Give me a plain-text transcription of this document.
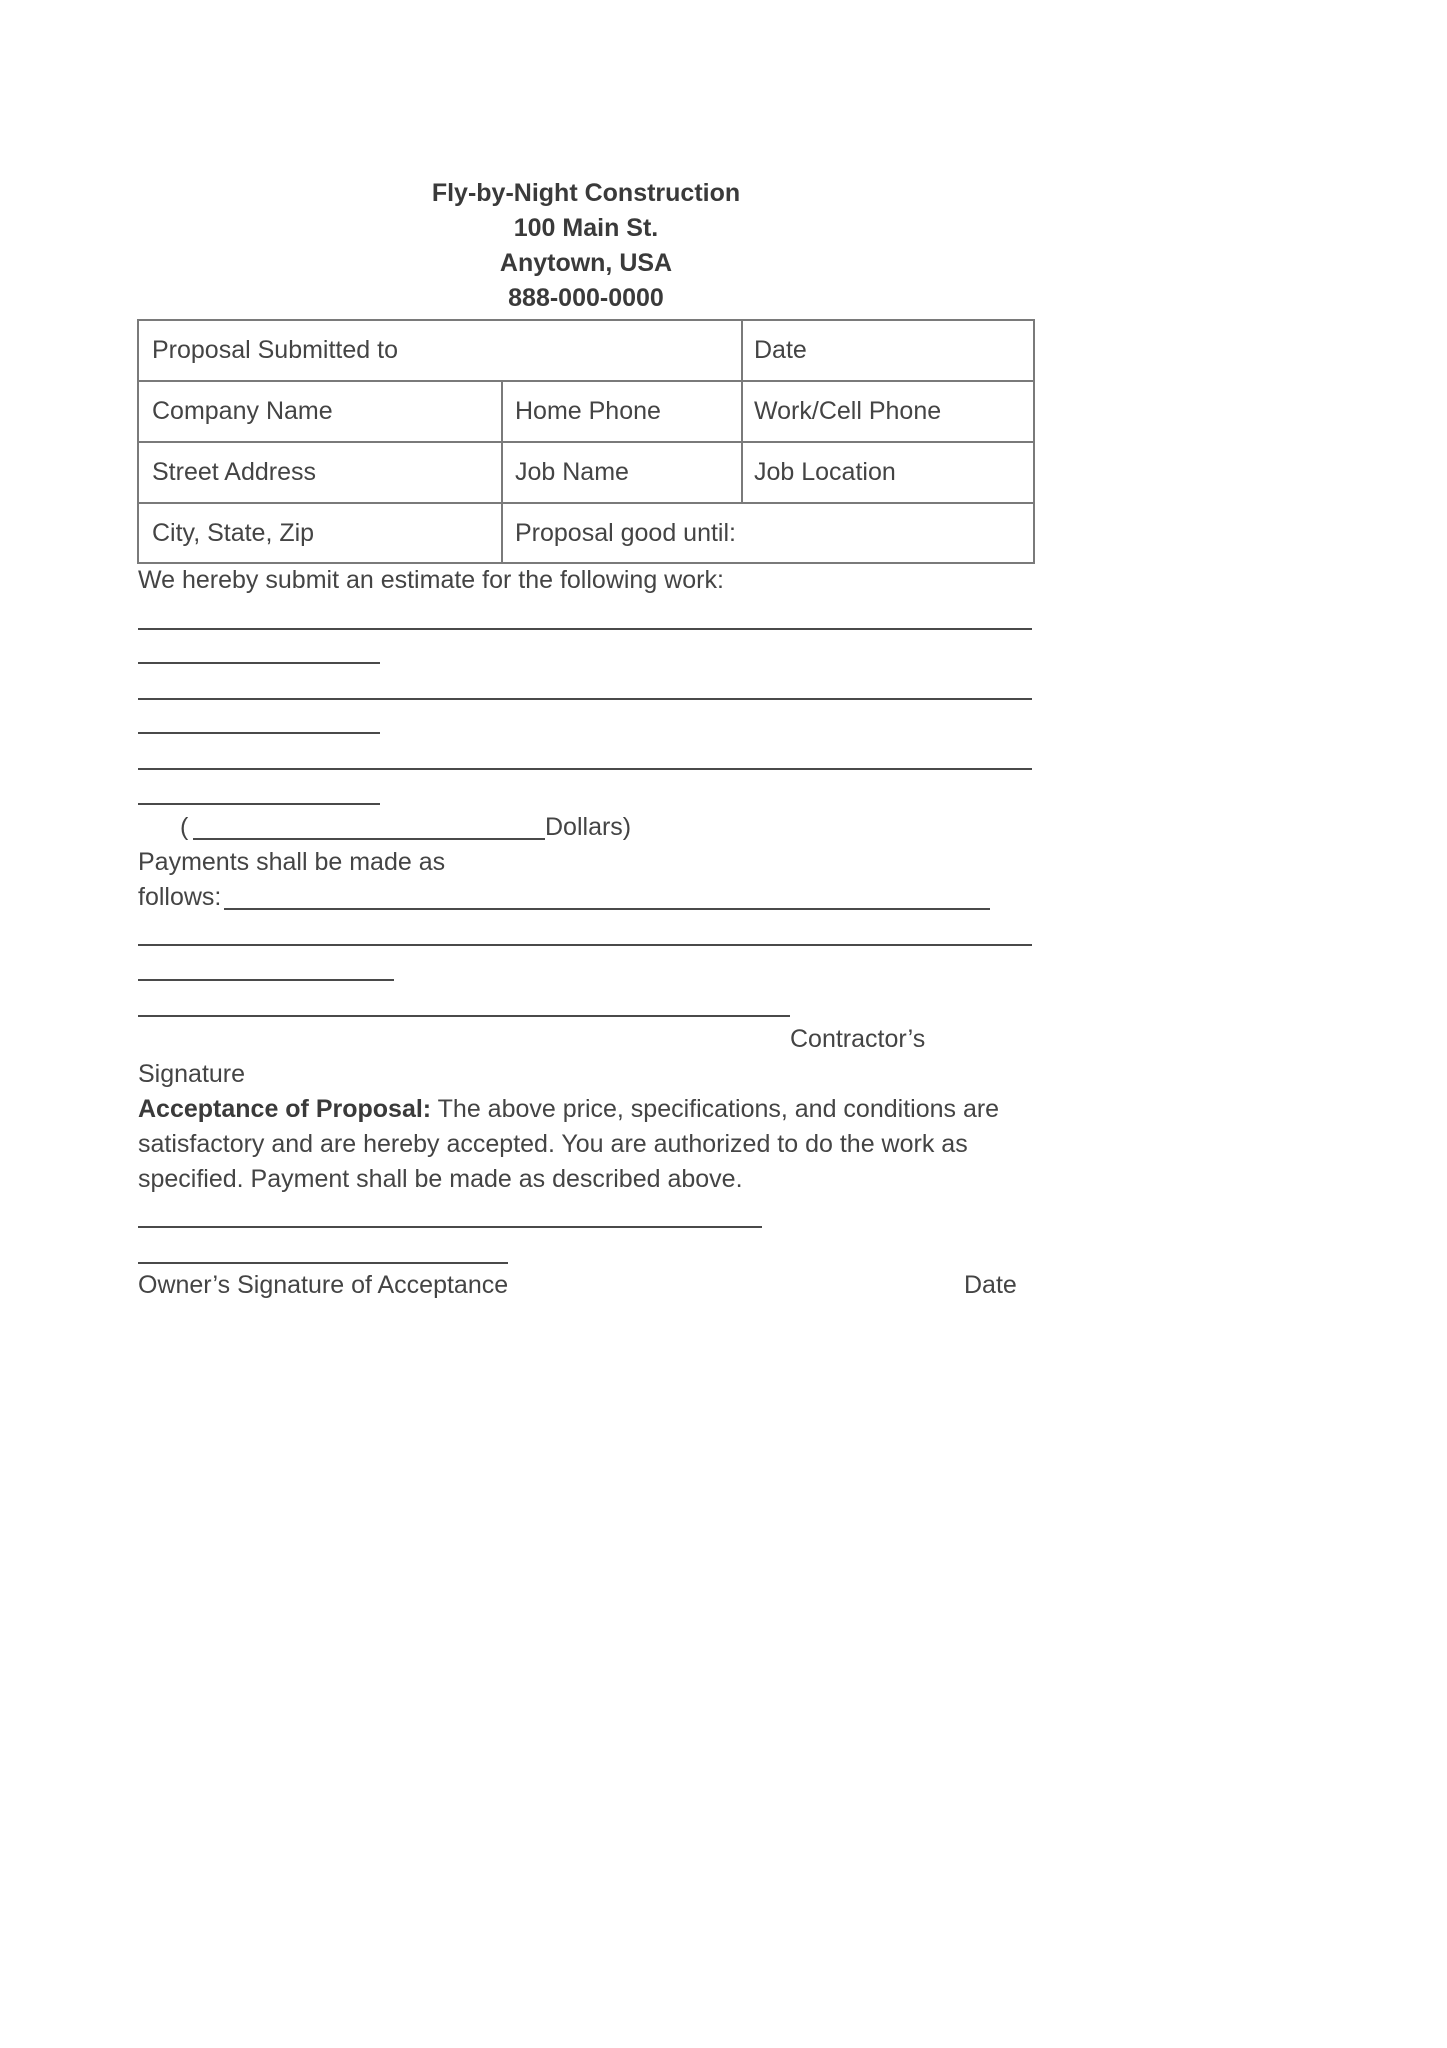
Fly-by-Night Construction
100 Main St.
Anytown, USA
888-000-0000
Proposal Submitted to	Date
Company Name	Home Phone	Work/Cell Phone
Street Address	Job Name	Job Location
City, State, Zip	Proposal good until:
We hereby submit an estimate for the following work:
(	Dollars)
Payments shall be made as
follows:
Contractor’s
Signature
Acceptance of Proposal: The above price, specifications, and conditions are
satisfactory and are hereby accepted. You are authorized to do the work as
specified. Payment shall be made as described above.
Owner’s Signature of Acceptance	Date
